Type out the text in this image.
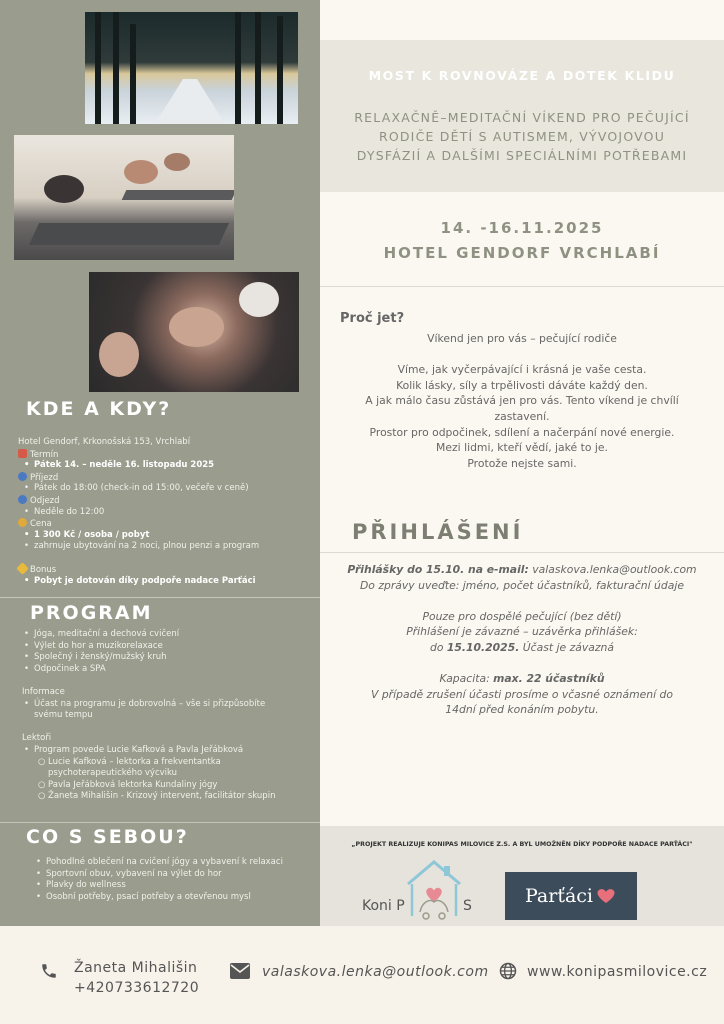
KDE A KDY?
Hotel Gendorf, Krkonošská 153, Vrchlabí
Termín
• Pátek 14. – neděle 16. listopadu 2025
Příjezd
• Pátek do 18:00 (check-in od 15:00, večeře v ceně)
Odjezd
• Neděle do 12:00
Cena
• 1 300 Kč / osoba / pobyt
• zahrnuje ubytování na 2 noci, plnou penzi a program
Bonus
• Pobyt je dotován díky podpoře nadace Parťáci
PROGRAM
• Jóga, meditační a dechová cvičení
• Výlet do hor a muzikorelaxace
• Společný i ženský/mužský kruh
• Odpočinek a SPA
Informace
• Účast na programu je dobrovolná – vše si přizpůsobíte
svému tempu
Lektoři
• Program povede Lucie Kafková a Pavla Jeřábková
○ Lucie Kafková – lektorka a frekventantka
psychoterapeutického výcviku
○ Pavla Jeřábková lektorka Kundaliny jógy
○ Žaneta Mihališin - Krizový intervent, facilitátor skupin
CO S SEBOU?
• Pohodlné oblečení na cvičení jógy a vybavení k relaxaci
• Sportovní obuv, vybavení na výlet do hor
• Plavky do wellness
• Osobní potřeby, psací potřeby a otevřenou mysl
MOST K ROVNOVÁZE A DOTEK KLIDU
RELAXAČNĚ–MEDITAČNÍ VÍKEND PRO PEČUJÍCÍ
RODIČE DĚTÍ S AUTISMEM, VÝVOJOVOU
DYSFÁZIÍ A DALŠÍMI SPECIÁLNÍMI POTŘEBAMI
14. -16.11.2025
HOTEL GENDORF VRCHLABÍ
Proč jet?
Víkend jen pro vás – pečující rodiče
Víme, jak vyčerpávající i krásná je vaše cesta.
Kolik lásky, síly a trpělivosti dáváte každý den.
A jak málo času zůstává jen pro vás. Tento víkend je chvílí
zastavení.
Prostor pro odpočinek, sdílení a načerpání nové energie.
Mezi lidmi, kteří vědí, jaké to je.
Protože nejste sami.
PŘIHLÁŠENÍ
Přihlášky do 15.10. na e-mail: valaskova.lenka@outlook.com
Do zprávy uveďte: jméno, počet účastníků, fakturační údaje
Pouze pro dospělé pečující (bez dětí)
Přihlášení je závazné – uzávěrka přihlášek:
do 15.10.2025. Účast je závazná
Kapacita: max. 22 účastníků
V případě zrušení účasti prosíme o včasné oznámení do
14dní před konáním pobytu.
„PROJEKT REALIZUJE KONIPAS MILOVICE Z.S. A BYL UMOŽNĚN DÍKY PODPOŘE NADACE PARŤÁCI"
Koni P	S	Parťáci
Žaneta Mihališin
+420733612720
valaskova.lenka@outlook.com	www.konipasmilovice.cz
